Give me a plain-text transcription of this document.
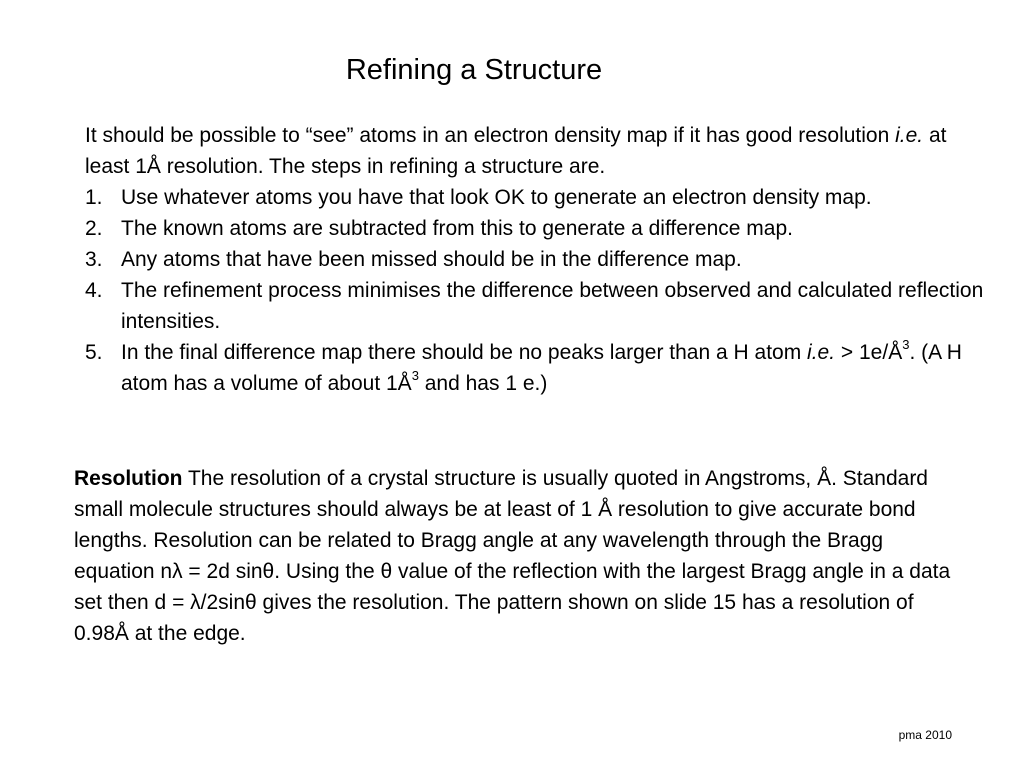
Refining a Structure

It should be possible to “see” atoms in an electron density map if it has good resolution i.e. at least 1Å resolution. The steps in refining a structure are.

1. Use whatever atoms you have that look OK to generate an electron density map.
2. The known atoms are subtracted from this to generate a difference map.
3. Any atoms that have been missed should be in the difference map.
4. The refinement process minimises the difference between observed and calculated reflection intensities.
5. In the final difference map there should be no peaks larger than a H atom i.e. > $1e/Å^3$. (A H atom has a volume of about $1Å^3$ and has 1 e.)

Resolution The resolution of a crystal structure is usually quoted in Angstroms, Å. Standard small molecule structures should always be at least of 1 Å resolution to give accurate bond lengths. Resolution can be related to Bragg angle at any wavelength through the Bragg equation nλ = 2d sinθ. Using the θ value of the reflection with the largest Bragg angle in a data set then d = λ/2sinθ gives the resolution. The pattern shown on slide 15 has a resolution of 0.98Å at the edge.

pma 2010
